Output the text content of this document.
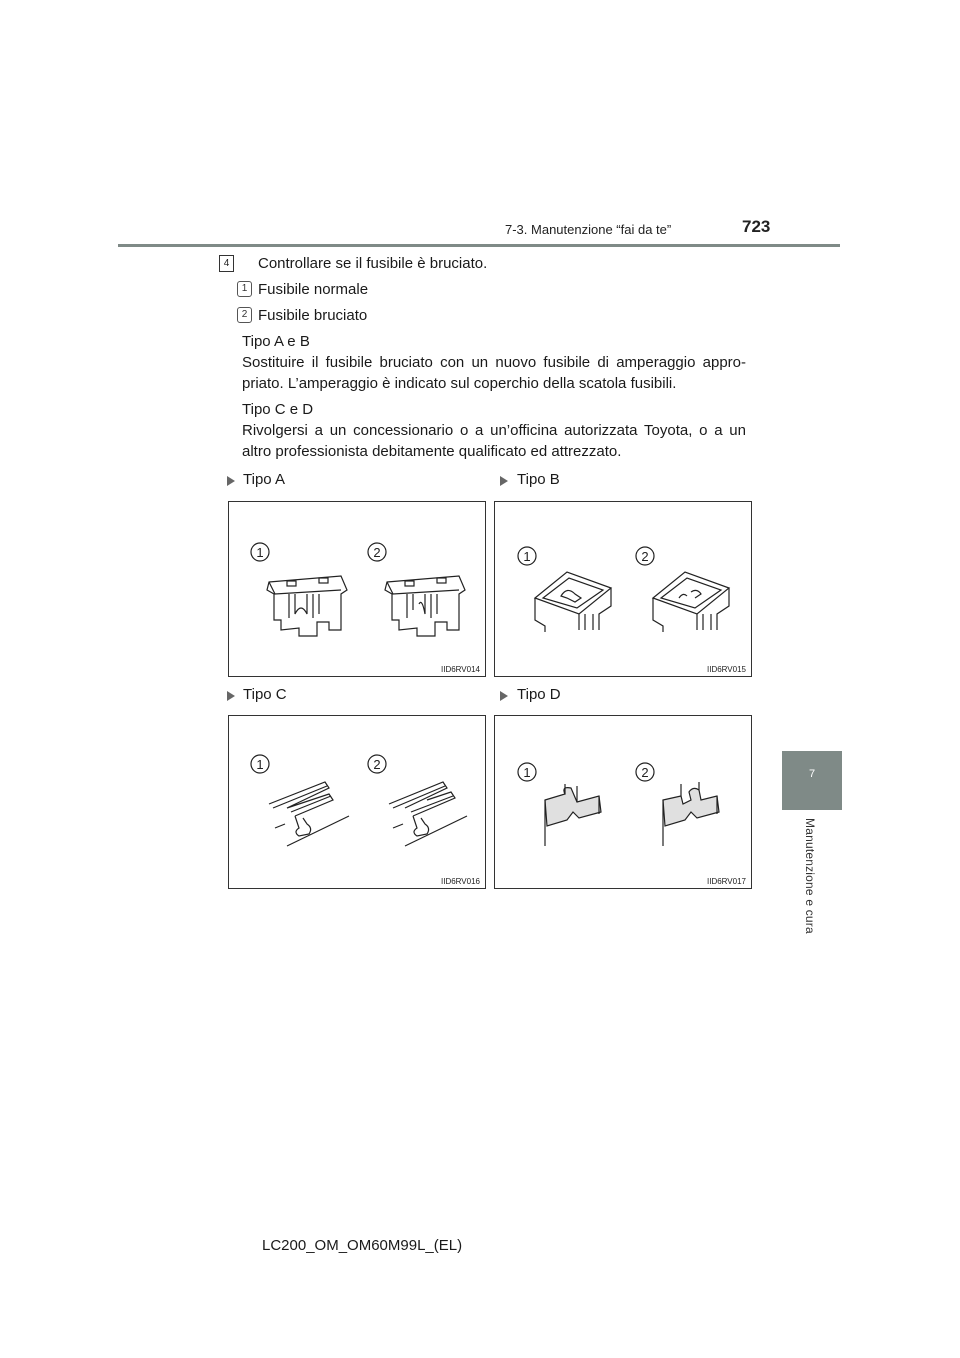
7-3. Manutenzione “fai da te”	723
7
Manutenzione e cura
4	Controllare se il fusibile è bruciato.
1 Fusibile normale
2 Fusibile bruciato
Tipo A e B
Sostituire il fusibile bruciato con un nuovo fusibile di amperaggio appro- priato. L’amperaggio è indicato sul coperchio della scatola fusibili.
Tipo C e D
Rivolgersi a un concessionario o a un’officina autorizzata Toyota, o a un altro professionista debitamente qualificato ed attrezzato.
Tipo A	Tipo B
1	2
IID6RV014
1	2
IID6RV015
Tipo C	Tipo D
1	2
IID6RV016
1	2
IID6RV017
LC200_OM_OM60M99L_(EL)
